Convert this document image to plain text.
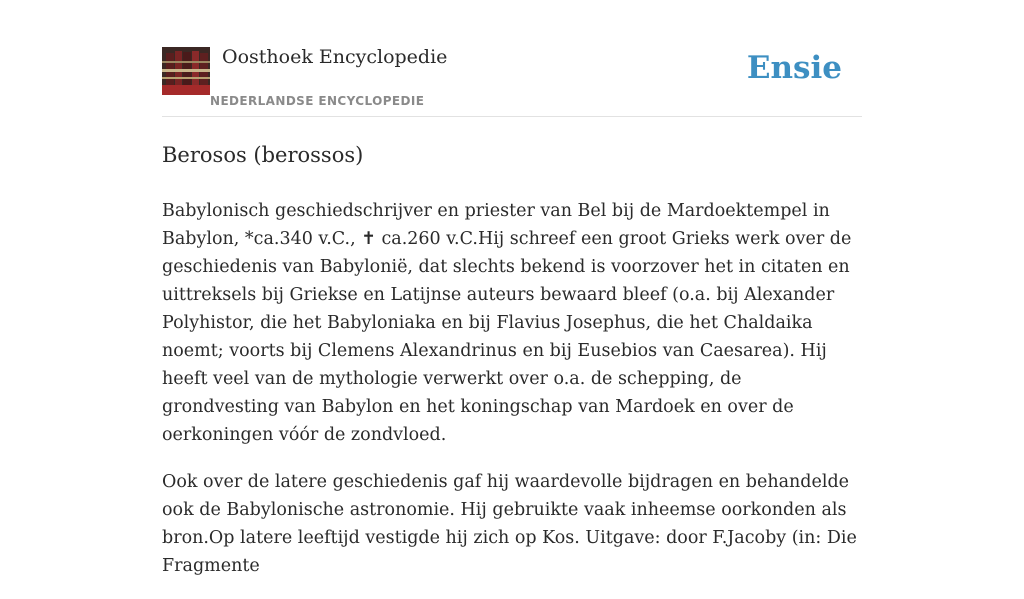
Oosthoek Encyclopedie
NEDERLANDSE ENCYCLOPEDIE
Ensie
Berosos (berossos)

Babylonisch geschiedschrijver en priester van Bel bij de Mardoektempel in Babylon, *ca.340 v.C., ✝ ca.260 v.C.Hij schreef een groot Grieks werk over de geschiedenis van Babylonië, dat slechts bekend is voorzover het in citaten en uittreksels bij Griekse en Latijnse auteurs bewaard bleef (o.a. bij Alexander Polyhistor, die het Babyloniaka en bij Flavius Josephus, die het Chaldaika noemt; voorts bij Clemens Alexandrinus en bij Eusebios van Caesarea). Hij heeft veel van de mythologie verwerkt over o.a. de schepping, de grondvesting van Babylon en het koningschap van Mardoek en over de oerkoningen vóór de zondvloed.

Ook over de latere geschiedenis gaf hij waardevolle bijdragen en behandelde ook de Babylonische astronomie. Hij gebruikte vaak inheemse oorkonden als bron.Op latere leeftijd vestigde hij zich op Kos. Uitgave: door F.Jacoby (in: Die Fragmente
